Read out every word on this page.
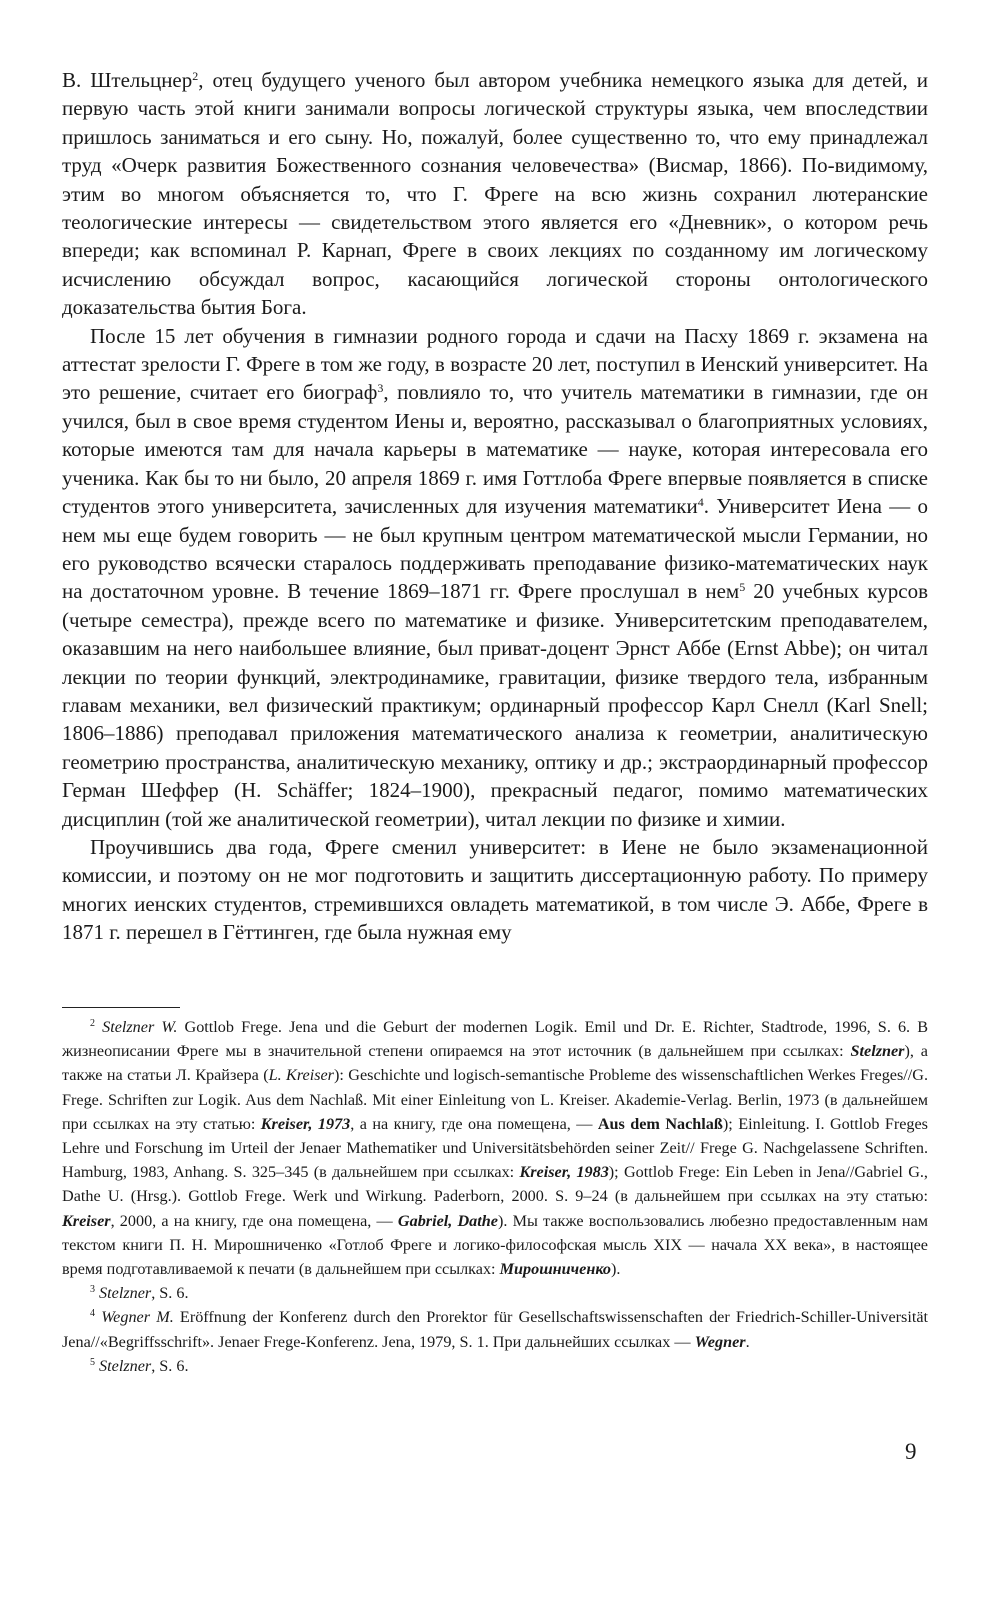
В. Штельцнер$^2$, отец будущего ученого был автором учебника немецкого языка для детей, и первую часть этой книги занимали вопросы логической структуры языка, чем впоследствии пришлось заниматься и его сыну. Но, пожалуй, более существенно то, что ему принадлежал труд «Очерк развития Божественного сознания человечества» (Висмар, 1866). По-видимому, этим во многом объясняется то, что Г. Фреге на всю жизнь сохранил лютеранские теологические интересы — свидетельством этого является его «Дневник», о котором речь впереди; как вспоминал Р. Карнап, Фреге в своих лекциях по созданному им логическому исчислению обсуждал вопрос, касающийся логической стороны онтологического доказательства бытия Бога.

После 15 лет обучения в гимназии родного города и сдачи на Пасху 1869 г. экзамена на аттестат зрелости Г. Фреге в том же году, в возрасте 20 лет, поступил в Иенский университет. На это решение, считает его биограф$^3$, повлияло то, что учитель математики в гимназии, где он учился, был в свое время студентом Иены и, вероятно, рассказывал о благоприятных условиях, которые имеются там для начала карьеры в математике — науке, которая интересовала его ученика. Как бы то ни было, 20 апреля 1869 г. имя Готтлоба Фреге впервые появляется в списке студентов этого университета, зачисленных для изучения математики$^4$. Университет Иена — о нем мы еще будем говорить — не был крупным центром математической мысли Германии, но его руководство всячески старалось поддерживать преподавание физико-математических наук на достаточном уровне. В течение 1869–1871 гг. Фреге прослушал в нем$^5$ 20 учебных курсов (четыре семестра), прежде всего по математике и физике. Университетским преподавателем, оказавшим на него наибольшее влияние, был приват-доцент Эрнст Аббе (Ernst Abbe); он читал лекции по теории функций, электродинамике, гравитации, физике твердого тела, избранным главам механики, вел физический практикум; ординарный профессор Карл Снелл (Karl Snell; 1806–1886) преподавал приложения математического анализа к геометрии, аналитическую геометрию пространства, аналитическую механику, оптику и др.; экстраординарный профессор Герман Шеффер (H. Schäffer; 1824–1900), прекрасный педагог, помимо математических дисциплин (той же аналитической геометрии), читал лекции по физике и химии.

Проучившись два года, Фреге сменил университет: в Иене не было экзаменационной комиссии, и поэтому он не мог подготовить и защитить диссертационную работу. По примеру многих иенских студентов, стремившихся овладеть математикой, в том числе Э. Аббе, Фреге в 1871 г. перешел в Гёттинген, где была нужная ему

$^2$ Stelzner W. Gottlob Frege. Jena und die Geburt der modernen Logik. Emil und Dr. E. Richter, Stadtrode, 1996, S. 6. В жизнеописании Фреге мы в значительной степени опираемся на этот источник (в дальнейшем при ссылках: Stelzner), а также на статьи Л. Крайзера (L. Kreiser): Geschichte und logisch-semantische Probleme des wissenschaftlichen Werkes Freges//G. Frege. Schriften zur Logik. Aus dem Nachlaß. Mit einer Einleitung von L. Kreiser. Akademie-Verlag. Berlin, 1973 (в дальнейшем при ссылках на эту статью: Kreiser, 1973, а на книгу, где она помещена, — Aus dem Nachlaß); Einleitung. I. Gottlob Freges Lehre und Forschung im Urteil der Jenaer Mathematiker und Universitätsbehörden seiner Zeit// Frege G. Nachgelassene Schriften. Hamburg, 1983, Anhang. S. 325–345 (в дальнейшем при ссылках: Kreiser, 1983); Gottlob Frege: Ein Leben in Jena//Gabriel G., Dathe U. (Hrsg.). Gottlob Frege. Werk und Wirkung. Paderborn, 2000. S. 9–24 (в дальнейшем при ссылках на эту статью: Kreiser, 2000, а на книгу, где она помещена, — Gabriel, Dathe). Мы также воспользовались любезно предоставленным нам текстом книги П. Н. Мирошниченко «Готлоб Фреге и логико-философская мысль XIX — начала XX века», в настоящее время подготавливаемой к печати (в дальнейшем при ссылках: Мирошниченко).

$^3$ Stelzner, S. 6.

$^4$ Wegner M. Eröffnung der Konferenz durch den Prorektor für Gesellschaftswissenschaften der Friedrich-Schiller-Universität Jena//«Begriffsschrift». Jenaer Frege-Konferenz. Jena, 1979, S. 1. При дальнейших ссылках — Wegner.

$^5$ Stelzner, S. 6.

9
